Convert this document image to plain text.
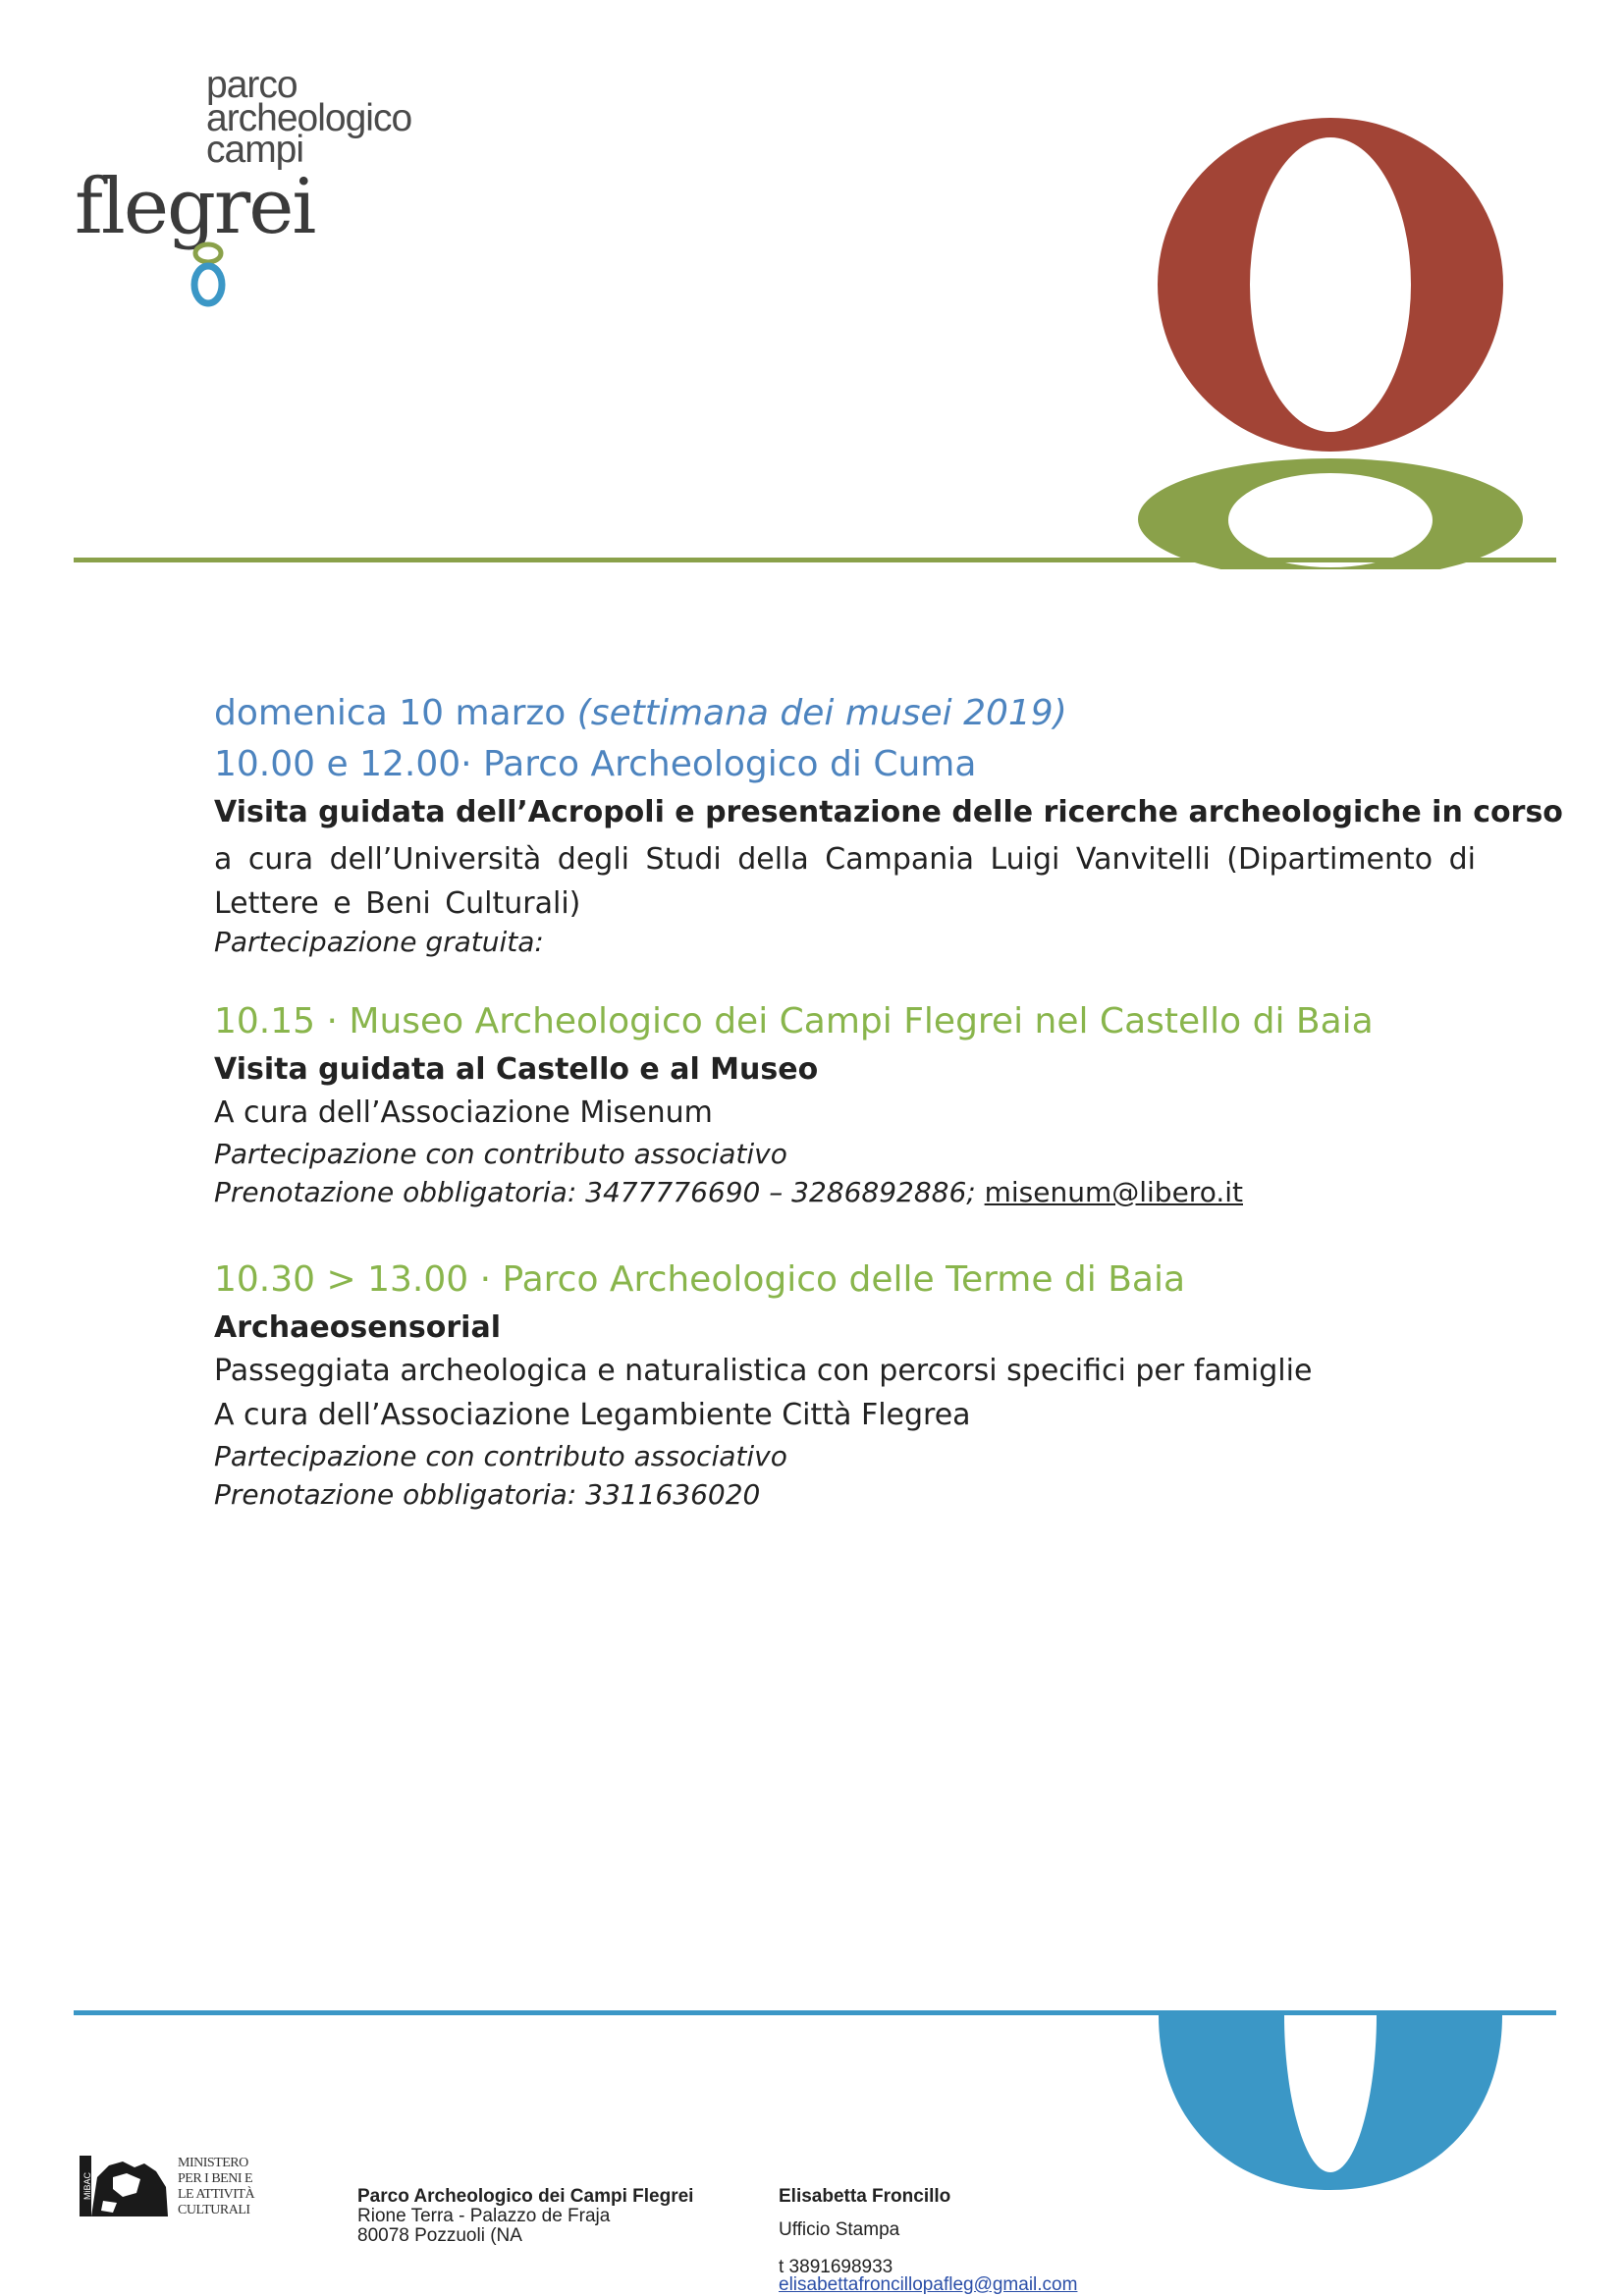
parco
archeologico
campi
flegrei
domenica 10 marzo (settimana dei musei 2019)
10.00 e 12.00· Parco Archeologico di Cuma
Visita guidata dell’Acropoli e presentazione delle ricerche archeologiche in corso
a cura dell’Università degli Studi della Campania Luigi Vanvitelli (Dipartimento di Lettere e Beni Culturali)
Partecipazione gratuita:
10.15 · Museo Archeologico dei Campi Flegrei nel Castello di Baia
Visita guidata al Castello e al Museo
A cura dell’Associazione Misenum
Partecipazione con contributo associativo
Prenotazione obbligatoria: 3477776690 – 3286892886; misenum@libero.it
10.30 > 13.00 · Parco Archeologico delle Terme di Baia
Archaeosensorial
Passeggiata archeologica e naturalistica con percorsi specifici per famiglie
A cura dell’Associazione Legambiente Città Flegrea
Partecipazione con contributo associativo
Prenotazione obbligatoria: 3311636020
MiBAC
MINISTERO
PER I BENI E
LE ATTIVITÀ
CULTURALI
Parco Archeologico dei Campi Flegrei
Rione Terra - Palazzo de Fraja
80078 Pozzuoli (NA
Elisabetta Froncillo
Ufficio Stampa
t 3891698933
elisabettafroncillopafleg@gmail.com
